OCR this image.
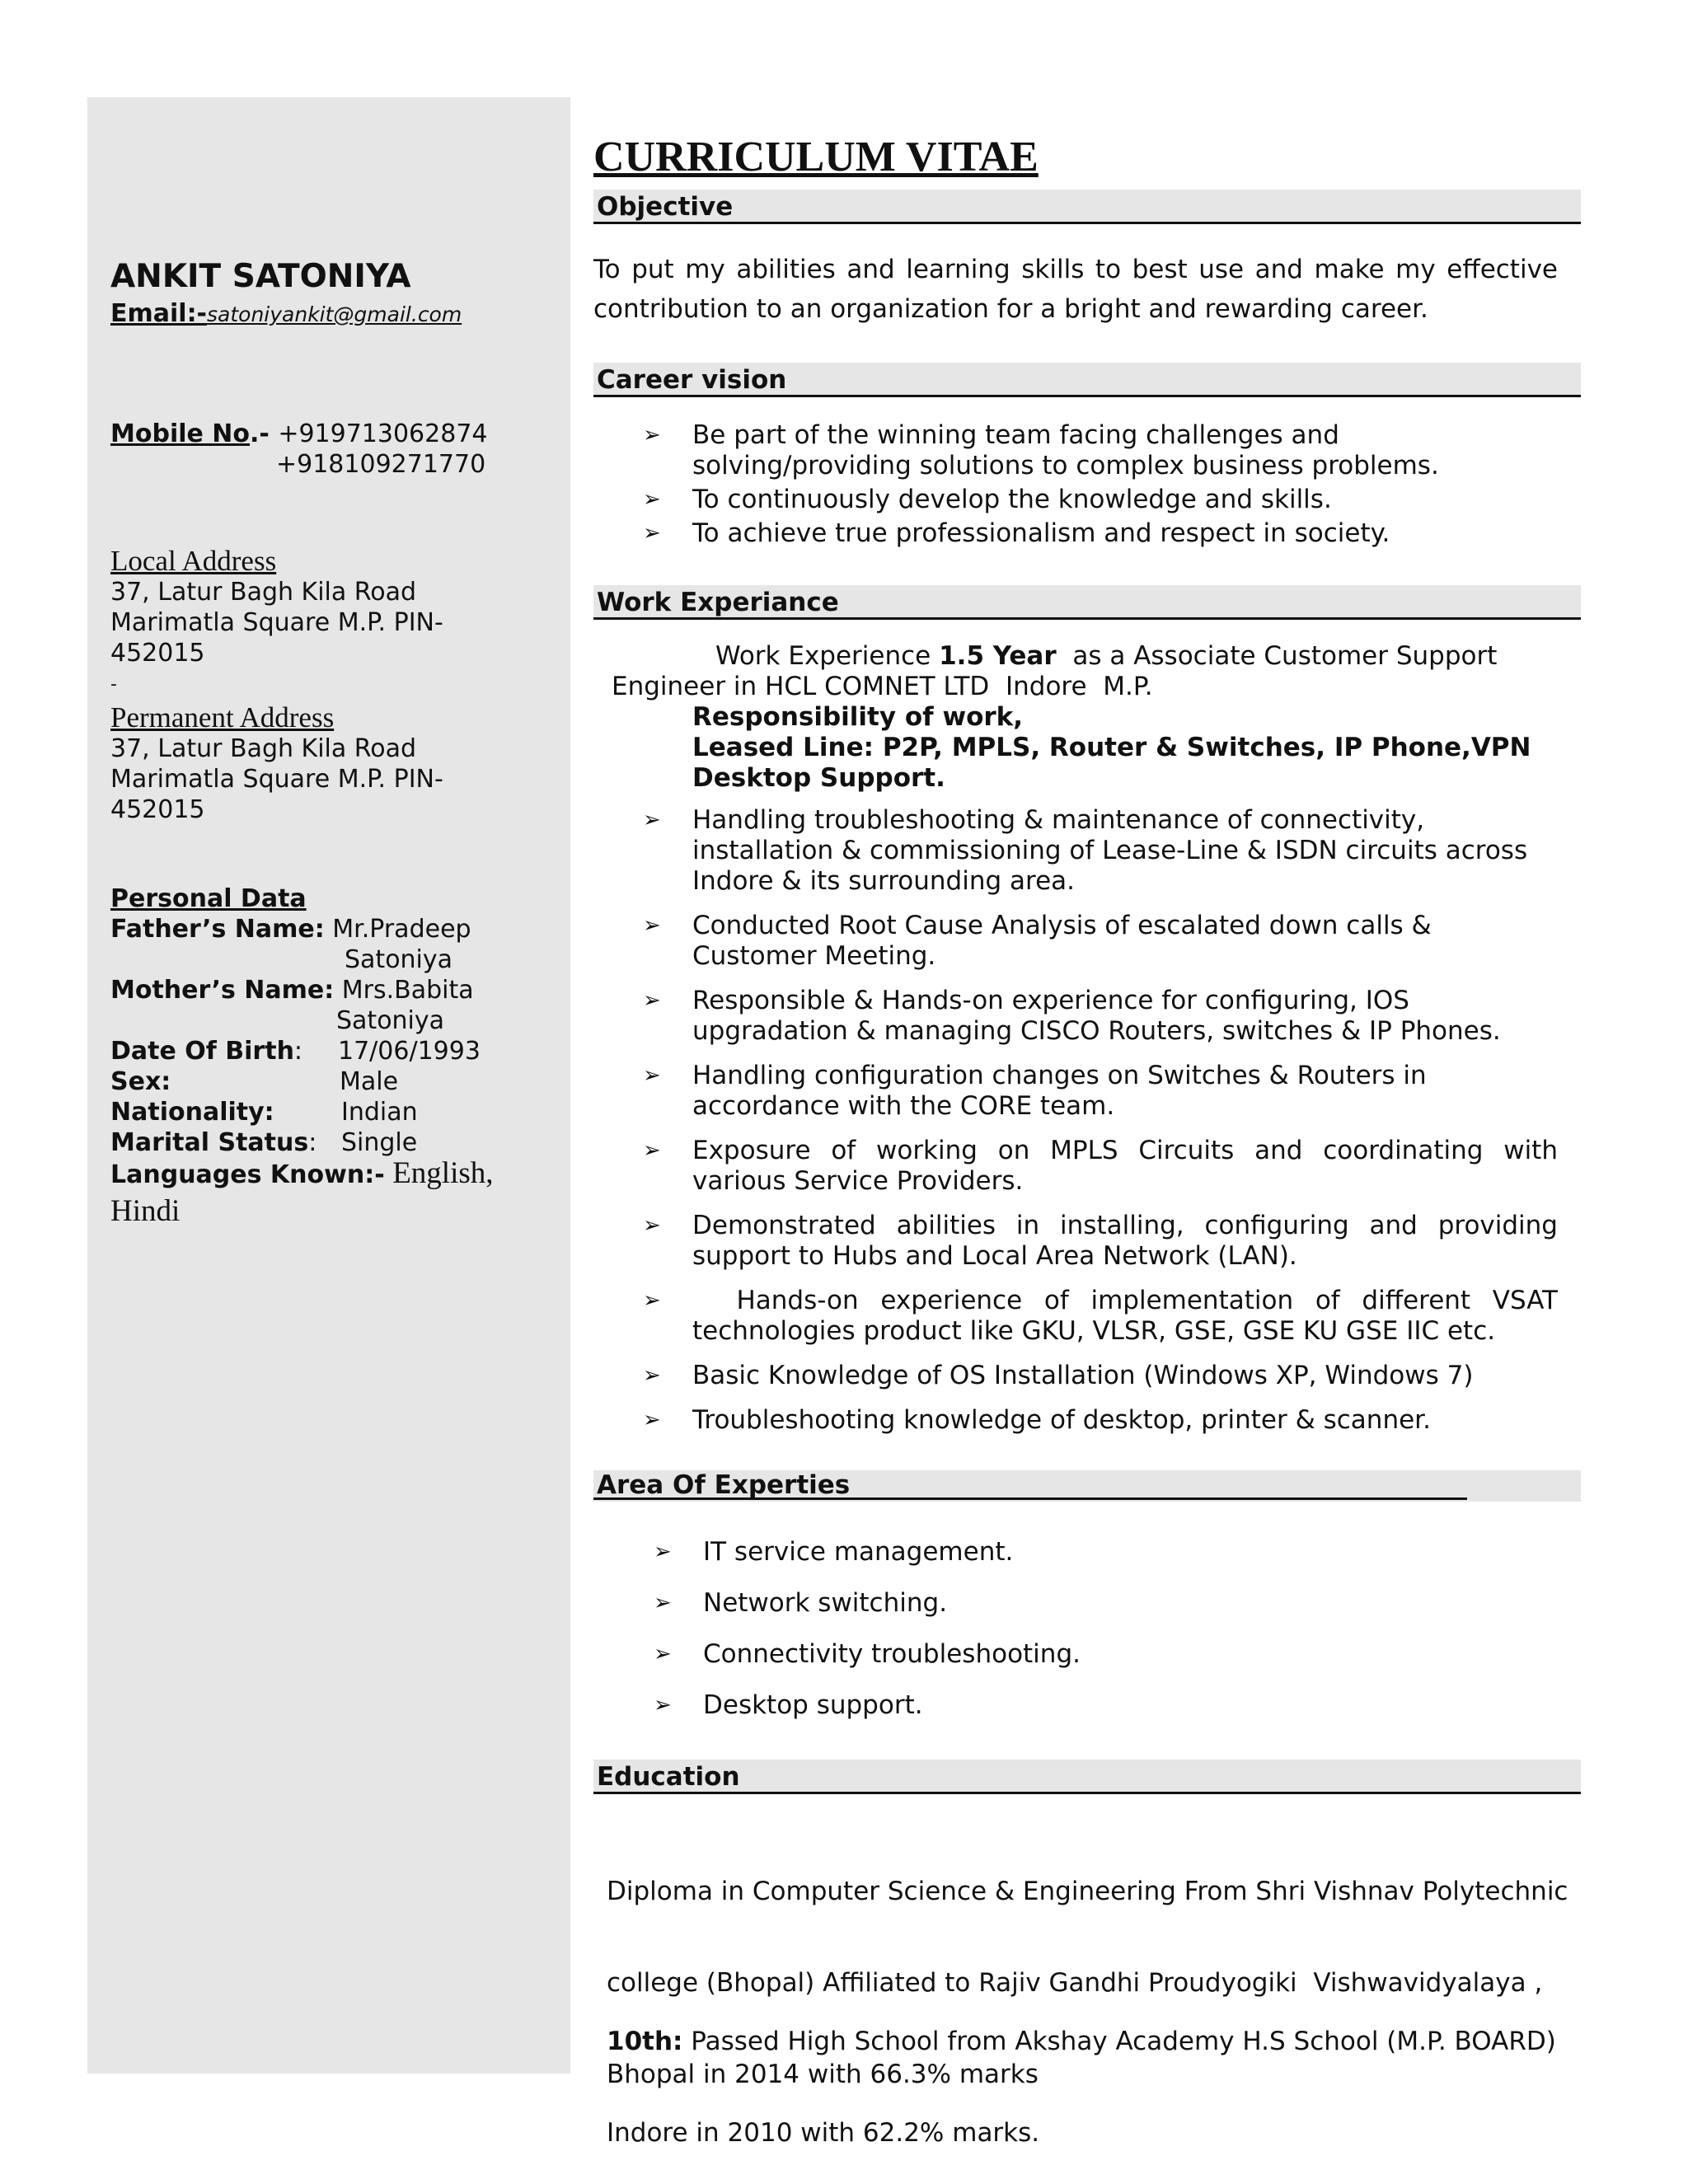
ANKIT SATONIYA
Email:-satoniyankit@gmail.com
Mobile No.- +919713062874
+918109271770
Local Address
37, Latur Bagh Kila Road
Marimatla Square M.P. PIN-
452015
-
Permanent Address
37, Latur Bagh Kila Road
Marimatla Square M.P. PIN-
452015
Personal Data
Father’s Name: Mr.Pradeep
Satoniya
Mother’s Name: Mrs.Babita
Satoniya
Date Of Birth: 17/06/1993
Sex:	Male
Nationality:	Indian
Marital Status: Single
Languages Known:- English,
Hindi
CURRICULUM VITAE
Objective
To put my abilities and learning skills to best use and make my effective
contribution to an organization for a bright and rewarding career.
Career vision
➢ Be part of the winning team facing challenges and solving/providing solutions to complex business problems.
➢ To continuously develop the knowledge and skills.
➢ To achieve true professionalism and respect in society.
Work Experiance
Work Experience 1.5 Year  as a Associate Customer Support
Engineer in HCL COMNET LTD  Indore  M.P.
Responsibility of work,
Leased Line: P2P, MPLS, Router & Switches, IP Phone,VPN
Desktop Support.
➢ Handling troubleshooting & maintenance of connectivity, installation & commissioning of Lease-Line & ISDN circuits across Indore & its surrounding area.
➢ Conducted Root Cause Analysis of escalated down calls & Customer Meeting.
➢ Responsible & Hands-on experience for configuring, IOS upgradation & managing CISCO Routers, switches & IP Phones.
➢ Handling configuration changes on Switches & Routers in accordance with the CORE team.
➢ Exposure of working on MPLS Circuits and coordinating with various Service Providers.
➢ Demonstrated abilities in installing, configuring and providing support to Hubs and Local Area Network (LAN).
➢ Hands-on experience of implementation of different VSAT technologies product like GKU, VLSR, GSE, GSE KU GSE IIC etc.
➢ Basic Knowledge of OS Installation (Windows XP, Windows 7)
➢ Troubleshooting knowledge of desktop, printer & scanner.
Area Of Experties
➢ IT service management.
➢ Network switching.
➢ Connectivity troubleshooting.
➢ Desktop support.
Education

Diploma in Computer Science & Engineering From Shri Vishnav Polytechnic

college (Bhopal) Affiliated to Rajiv Gandhi Proudyogiki  Vishwavidyalaya ,

Bhopal in 2014 with 66.3% marks

10th: Passed High School from Akshay Academy H.S School (M.P. BOARD)

Indore in 2010 with 62.2% marks.
